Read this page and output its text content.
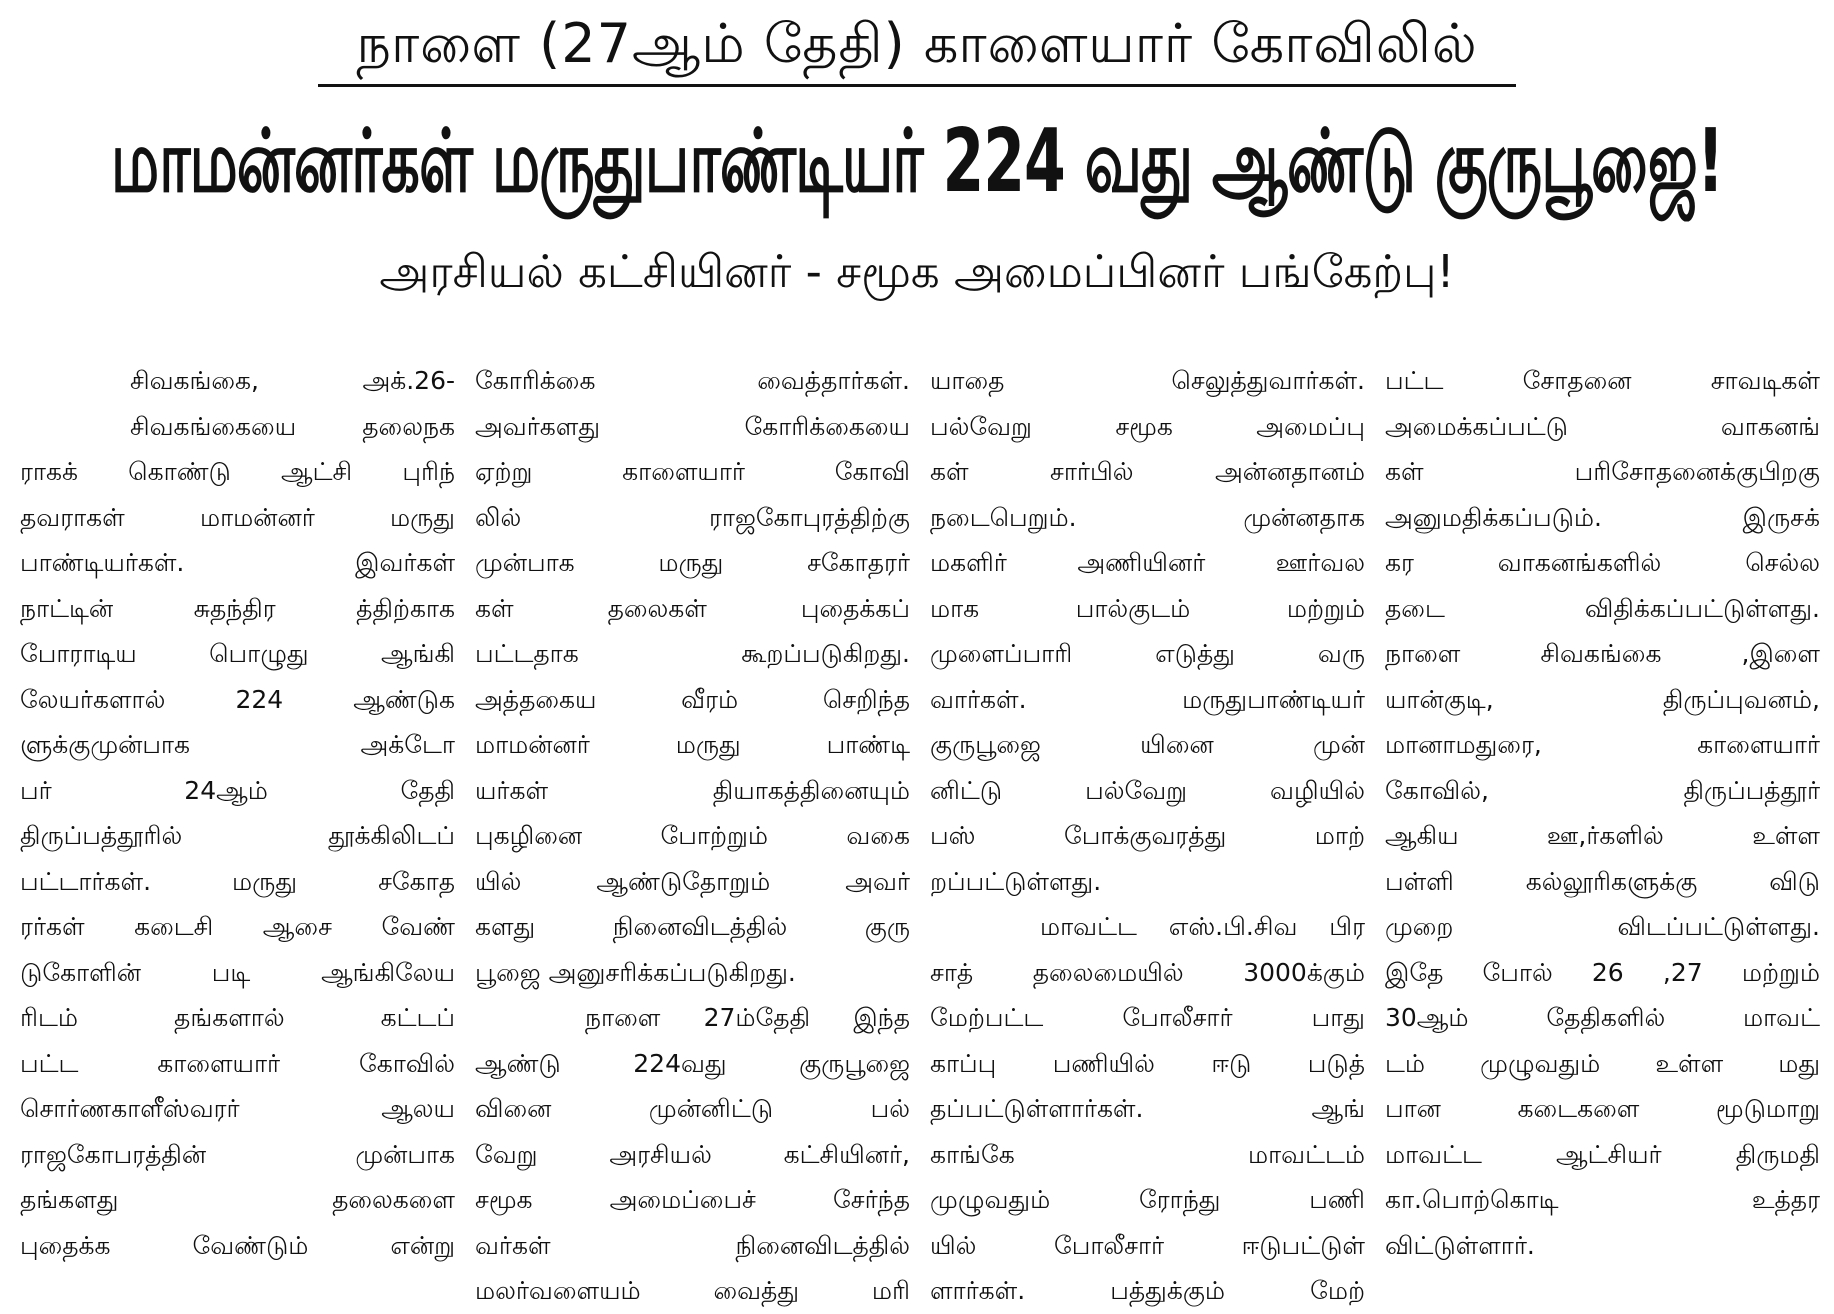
நாளை (27ஆம் தேதி) காளையார் கோவிலில்
மாமன்னர்கள் மருதுபாண்டியர் 224 வது ஆண்டு குருபூஜை!
அரசியல் கட்சியினர் - சமூக அமைப்பினர் பங்கேற்பு!
சிவகங்கை, அக்.26-
சிவகங்கையை தலைநக
ராகக் கொண்டு ஆட்சி புரிந்
தவராகள் மாமன்னர் மருது
பாண்டியர்கள். இவர்கள்
நாட்டின் சுதந்திர த்திற்காக
போராடிய பொழுது ஆங்கி
லேயர்களால் 224 ஆண்டுக
ளுக்குமுன்பாக அக்டோ
பர் 24ஆம் தேதி
திருப்பத்தூரில் தூக்கிலிடப்
பட்டார்கள். மருது சகோத
ரர்கள் கடைசி ஆசை வேண்
டுகோளின் படி ஆங்கிலேய
ரிடம் தங்களால் கட்டப்
பட்ட காளையார் கோவில்
சொர்ணகாளீஸ்வரர் ஆலய
ராஜகோபரத்தின் முன்பாக
தங்களது தலைகளை
புதைக்க வேண்டும் என்று
கோரிக்கை வைத்தார்கள்.
அவர்களது கோரிக்கையை
ஏற்று காளையார் கோவி
லில் ராஜகோபுரத்திற்கு
முன்பாக மருது சகோதரர்
கள் தலைகள் புதைக்கப்
பட்டதாக கூறப்படுகிறது.
அத்தகைய வீரம் செறிந்த
மாமன்னர் மருது பாண்டி
யர்கள் தியாகத்தினையும்
புகழினை போற்றும் வகை
யில் ஆண்டுதோறும் அவர்
களது நினைவிடத்தில் குரு
பூஜை அனுசரிக்கப்படுகிறது.
நாளை 27ம்தேதி இந்த
ஆண்டு 224வது குருபூஜை
வினை முன்னிட்டு பல்
வேறு அரசியல் கட்சியினர்,
சமூக அமைப்பைச் சேர்ந்த
வர்கள் நினைவிடத்தில்
மலர்வளையம் வைத்து மரி
யாதை செலுத்துவார்கள்.
பல்வேறு சமூக அமைப்பு
கள் சார்பில் அன்னதானம்
நடைபெறும். முன்னதாக
மகளிர் அணியினர் ஊர்வல
மாக பால்குடம் மற்றும்
முளைப்பாரி எடுத்து வரு
வார்கள். மருதுபாண்டியர்
குருபூஜை யினை முன்
னிட்டு பல்வேறு வழியில்
பஸ் போக்குவரத்து மாற்
றப்பட்டுள்ளது.
மாவட்ட எஸ்.பி.சிவ பிர
சாத் தலைமையில் 3000க்கும்
மேற்பட்ட போலீசார் பாது
காப்பு பணியில் ஈடு படுத்
தப்பட்டுள்ளார்கள். ஆங்
காங்கே மாவட்டம்
முழுவதும் ரோந்து பணி
யில் போலீசார் ஈடுபட்டுள்
ளார்கள். பத்துக்கும் மேற்
பட்ட சோதனை சாவடிகள்
அமைக்கப்பட்டு வாகனங்
கள் பரிசோதனைக்குபிறகு
அனுமதிக்கப்படும். இருசக்
கர வாகனங்களில் செல்ல
தடை விதிக்கப்பட்டுள்ளது.
நாளை சிவகங்கை ,இளை
யான்குடி, திருப்புவனம்,
மானாமதுரை, காளையார்
கோவில், திருப்பத்தூர்
ஆகிய ஊ,ர்களில் உள்ள
பள்ளி கல்லூரிகளுக்கு விடு
முறை விடப்பட்டுள்ளது.
இதே போல் 26 ,27 மற்றும்
30ஆம் தேதிகளில் மாவட்
டம் முழுவதும் உள்ள மது
பான கடைகளை மூடுமாறு
மாவட்ட ஆட்சியர் திருமதி
கா.பொற்கொடி உத்தர
விட்டுள்ளார்.
